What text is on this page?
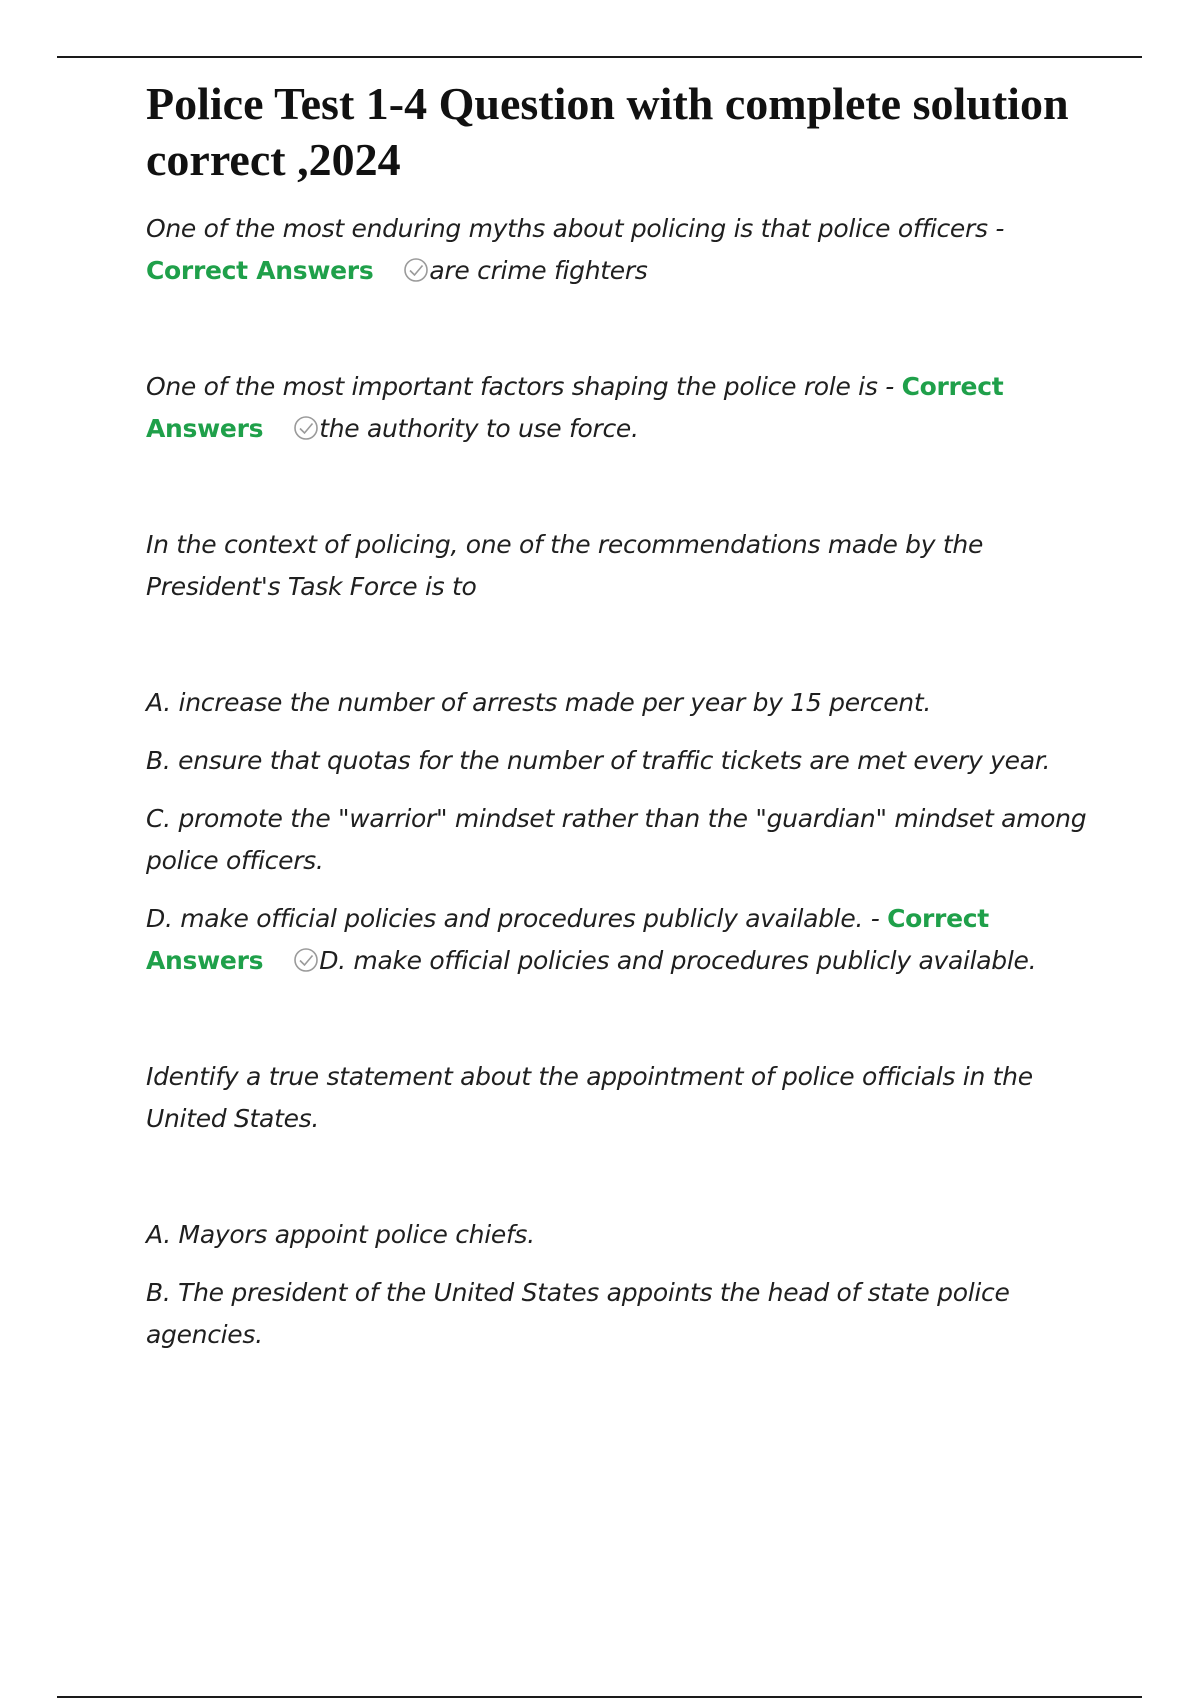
Police Test 1-4 Question with complete solution correct ,2024

One of the most enduring myths about policing is that police officers - Correct Answers are crime fighters

One of the most important factors shaping the police role is - Correct Answers the authority to use force.

In the context of policing, one of the recommendations made by the President's Task Force is to

A. increase the number of arrests made per year by 15 percent.

B. ensure that quotas for the number of traffic tickets are met every year.

C. promote the "warrior" mindset rather than the "guardian" mindset among police officers.

D. make official policies and procedures publicly available. - Correct Answers D. make official policies and procedures publicly available.

Identify a true statement about the appointment of police officials in the United States.

A. Mayors appoint police chiefs.

B. The president of the United States appoints the head of state police agencies.
